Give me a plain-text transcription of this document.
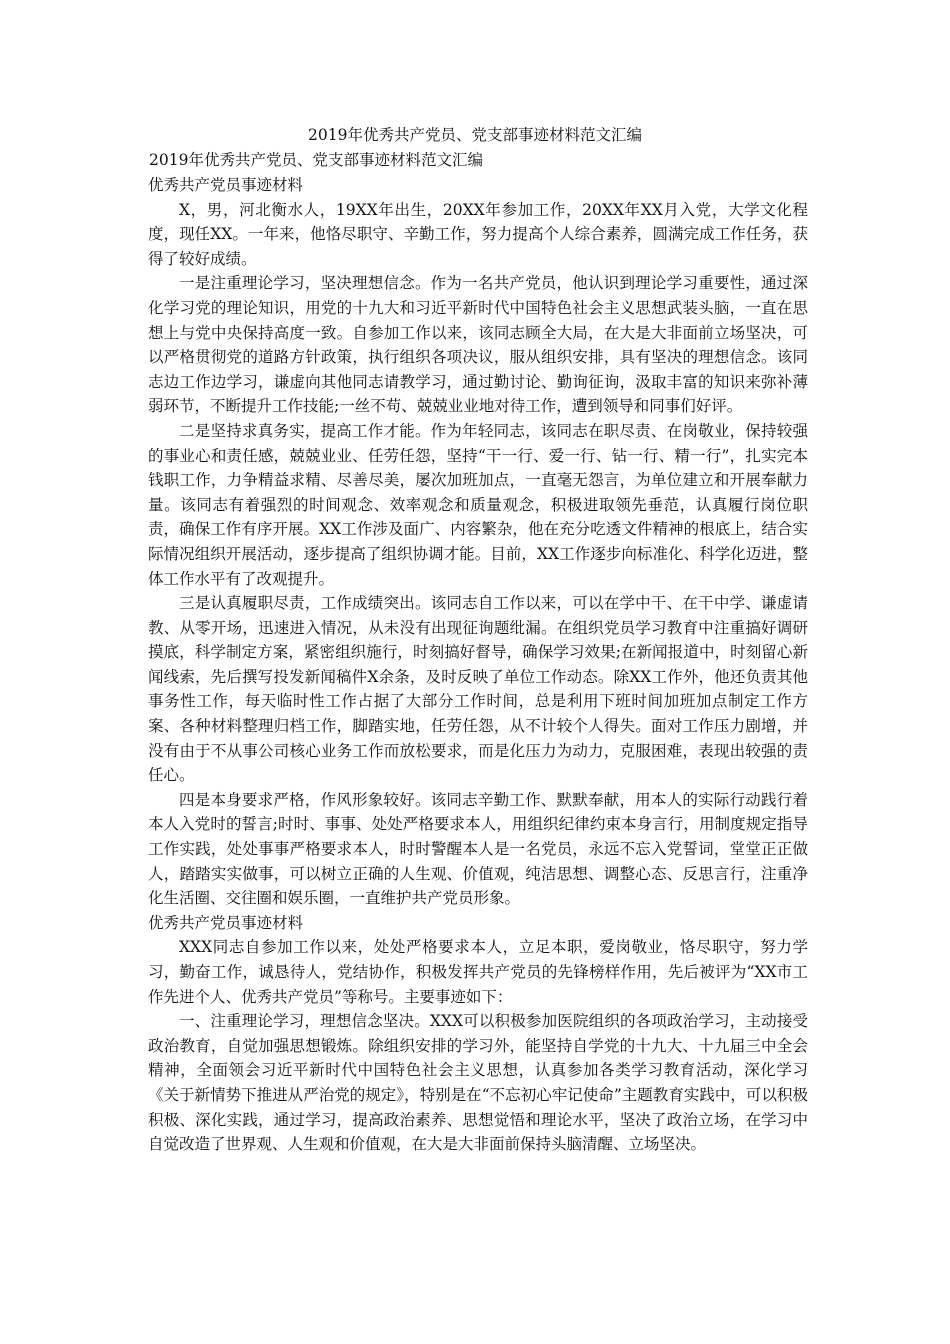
2019年优秀共产党员、党支部事迹材料范文汇编
2019年优秀共产党员、党支部事迹材料范文汇编
优秀共产党员事迹材料

X，男，河北衡水人，19XX年出生，20XX年参加工作，20XX年XX月入党，大学文化程度，现任XX。一年来，他恪尽职守、辛勤工作，努力提高个人综合素养，圆满完成工作任务，获得了较好成绩。

一是注重理论学习，坚决理想信念。作为一名共产党员，他认识到理论学习重要性，通过深化学习党的理论知识，用党的十九大和习近平新时代中国特色社会主义思想武装头脑，一直在思想上与党中央保持高度一致。自参加工作以来，该同志顾全大局，在大是大非面前立场坚决，可以严格贯彻党的道路方针政策，执行组织各项决议，服从组织安排，具有坚决的理想信念。该同志边工作边学习，谦虚向其他同志请教学习，通过勤讨论、勤询征询，汲取丰富的知识来弥补薄弱环节，不断提升工作技能;一丝不苟、兢兢业业地对待工作，遭到领导和同事们好评。

二是坚持求真务实，提高工作才能。作为年轻同志，该同志在职尽责、在岗敬业，保持较强的事业心和责任感，兢兢业业、任劳任怨，坚持“干一行、爱一行、钻一行、精一行”，扎实完本钱职工作，力争精益求精、尽善尽美，屡次加班加点，一直毫无怨言，为单位建立和开展奉献力量。该同志有着强烈的时间观念、效率观念和质量观念，积极进取领先垂范，认真履行岗位职责，确保工作有序开展。XX工作涉及面广、内容繁杂，他在充分吃透文件精神的根底上，结合实际情况组织开展活动，逐步提高了组织协调才能。目前，XX工作逐步向标准化、科学化迈进，整体工作水平有了改观提升。

三是认真履职尽责，工作成绩突出。该同志自工作以来，可以在学中干、在干中学、谦虚请教、从零开场，迅速进入情况，从未没有出现征询题纰漏。在组织党员学习教育中注重搞好调研摸底，科学制定方案，紧密组织施行，时刻搞好督导，确保学习效果;在新闻报道中，时刻留心新闻线索，先后撰写投发新闻稿件X余条，及时反映了单位工作动态。除XX工作外，他还负责其他事务性工作，每天临时性工作占据了大部分工作时间，总是利用下班时间加班加点制定工作方案、各种材料整理归档工作，脚踏实地，任劳任怨，从不计较个人得失。面对工作压力剧增，并没有由于不从事公司核心业务工作而放松要求，而是化压力为动力，克服困难，表现出较强的责任心。

四是本身要求严格，作风形象较好。该同志辛勤工作、默默奉献，用本人的实际行动践行着本人入党时的誓言;时时、事事、处处严格要求本人，用组织纪律约束本身言行，用制度规定指导工作实践，处处事事严格要求本人，时时警醒本人是一名党员，永远不忘入党誓词，堂堂正正做人，踏踏实实做事，可以树立正确的人生观、价值观，纯洁思想、调整心态、反思言行，注重净化生活圈、交往圈和娱乐圈，一直维护共产党员形象。

优秀共产党员事迹材料

XXX同志自参加工作以来，处处严格要求本人，立足本职，爱岗敬业，恪尽职守，努力学习，勤奋工作，诚恳待人，党结协作，积极发挥共产党员的先锋榜样作用，先后被评为“XX市工作先进个人、优秀共产党员”等称号。主要事迹如下：

一、注重理论学习，理想信念坚决。XXX可以积极参加医院组织的各项政治学习，主动接受政治教育，自觉加强思想锻炼。除组织安排的学习外，能坚持自学党的十九大、十九届三中全会精神，全面领会习近平新时代中国特色社会主义思想，认真参加各类学习教育活动，深化学习《关于新情势下推进从严治党的规定》，特别是在“不忘初心牢记使命”主题教育实践中，可以积极积极、深化实践，通过学习，提高政治素养、思想觉悟和理论水平，坚决了政治立场，在学习中自觉改造了世界观、人生观和价值观，在大是大非面前保持头脑清醒、立场坚决。
